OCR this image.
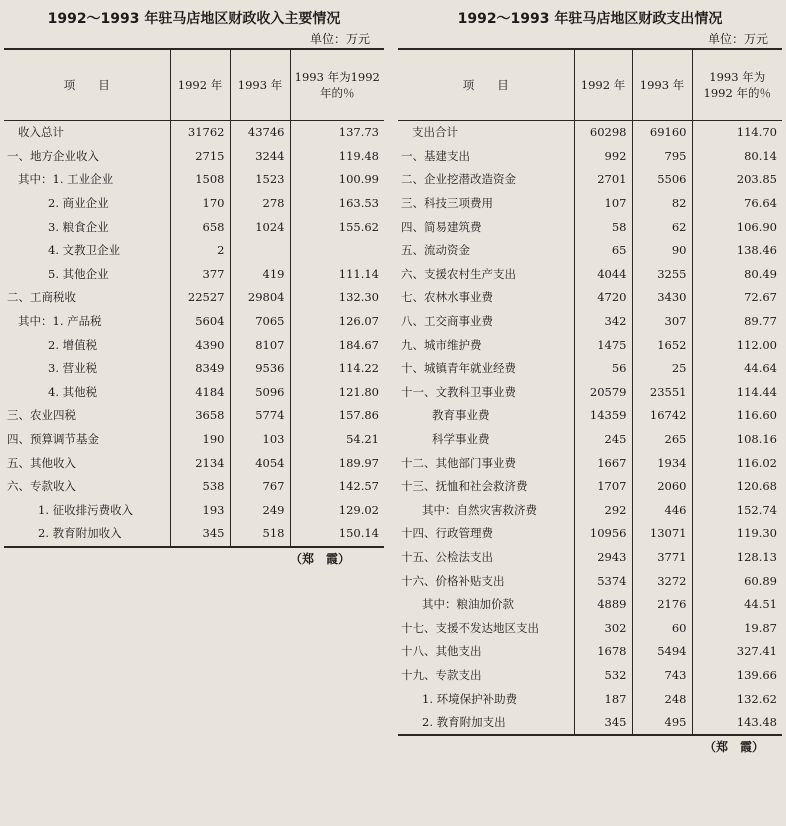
1992～1993 年驻马店地区财政收入主要情况
单位：万元
项　　目	1992 年	1993 年	1993 年为1992 年的％
收入总计	31762	43746	137.73
一、地方企业收入	2715	3244	119.48
其中：1. 工业企业	1508	1523	100.99
2. 商业企业	170	278	163.53
3. 粮食企业	658	1024	155.62
4. 文教卫企业	2		
5. 其他企业	377	419	111.14
二、工商税收	22527	29804	132.30
其中：1. 产品税	5604	7065	126.07
2. 增值税	4390	8107	184.67
3. 营业税	8349	9536	114.22
4. 其他税	4184	5096	121.80
三、农业四税	3658	5774	157.86
四、预算调节基金	190	103	54.21
五、其他收入	2134	4054	189.97
六、专款收入	538	767	142.57
1. 征收排污费收入	193	249	129.02
2. 教育附加收入	345	518	150.14
（郑　霞）
1992～1993 年驻马店地区财政支出情况
单位：万元
项　　目	1992 年	1993 年	1993 年为1992 年的％
支出合计	60298	69160	114.70
一、基建支出	992	795	80.14
二、企业挖潜改造资金	2701	5506	203.85
三、科技三项费用	107	82	76.64
四、简易建筑费	58	62	106.90
五、流动资金	65	90	138.46
六、支援农村生产支出	4044	3255	80.49
七、农林水事业费	4720	3430	72.67
八、工交商事业费	342	307	89.77
九、城市维护费	1475	1652	112.00
十、城镇青年就业经费	56	25	44.64
十一、文教科卫事业费	20579	23551	114.44
教育事业费	14359	16742	116.60
科学事业费	245	265	108.16
十二、其他部门事业费	1667	1934	116.02
十三、抚恤和社会救济费	1707	2060	120.68
其中：自然灾害救济费	292	446	152.74
十四、行政管理费	10956	13071	119.30
十五、公检法支出	2943	3771	128.13
十六、价格补贴支出	5374	3272	60.89
其中：粮油加价款	4889	2176	44.51
十七、支援不发达地区支出	302	60	19.87
十八、其他支出	1678	5494	327.41
十九、专款支出	532	743	139.66
1. 环境保护补助费	187	248	132.62
2. 教育附加支出	345	495	143.48
（郑　霞）
